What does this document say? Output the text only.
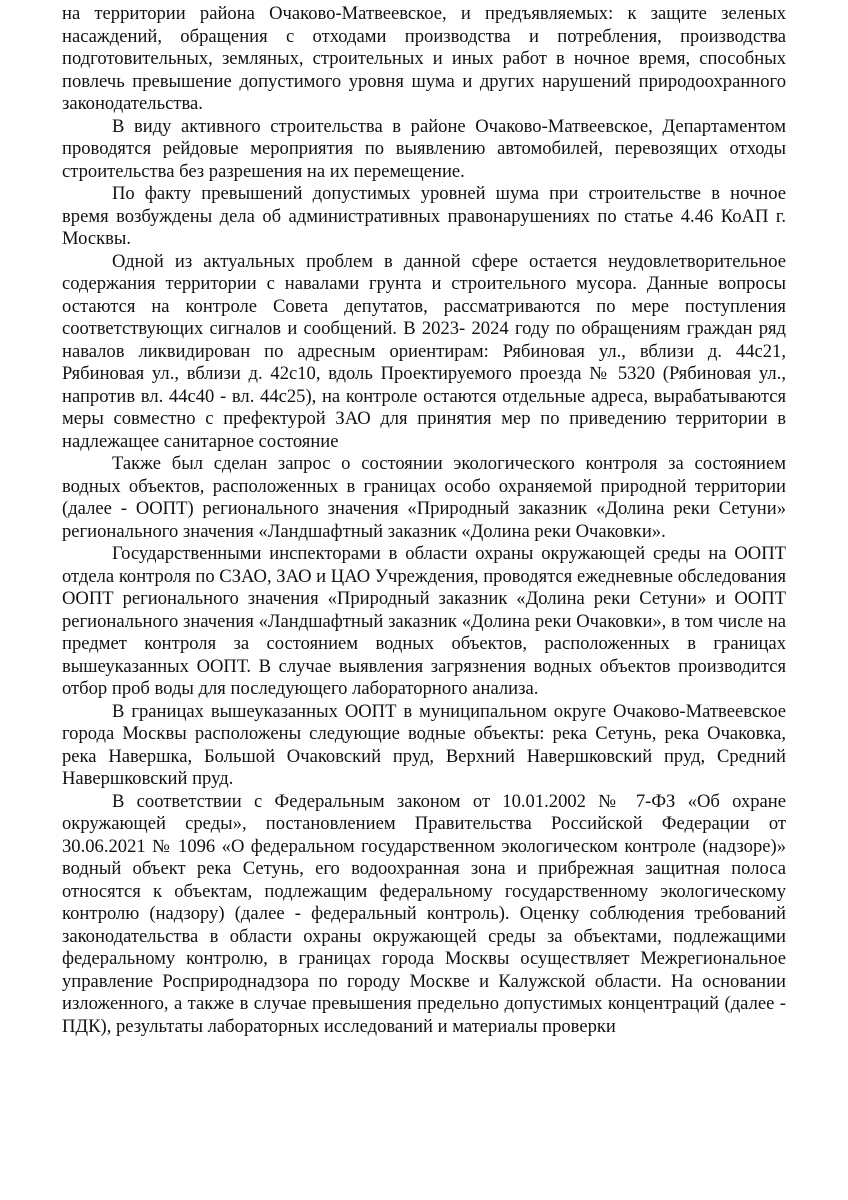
на территории района Очаково-Матвеевское, и предъявляемых: к защите зеленых насаждений, обращения с отходами производства и потребления, производства подготовительных, земляных, строительных и иных работ в ночное время, способных повлечь превышение допустимого уровня шума и других нарушений природоохранного законодательства.

В виду активного строительства в районе Очаково-Матвеевское, Департаментом проводятся рейдовые мероприятия по выявлению автомобилей, перевозящих отходы строительства без разрешения на их перемещение.

По факту превышений допустимых уровней шума при строительстве в ночное время возбуждены дела об административных правонарушениях по статье 4.46 КоАП г. Москвы.

Одной из актуальных проблем в данной сфере остается неудовлетворительное содержания территории с навалами грунта и строительного мусора. Данные вопросы остаются на контроле Совета депутатов, рассматриваются по мере поступления соответствующих сигналов и сообщений. В 2023- 2024 году по обращениям граждан ряд навалов ликвидирован по адресным ориентирам: Рябиновая ул., вблизи д. 44с21, Рябиновая ул., вблизи д. 42с10, вдоль Проектируемого проезда № 5320 (Рябиновая ул., напротив вл. 44с40 - вл. 44с25), на контроле остаются отдельные адреса, вырабатываются меры совместно с префектурой ЗАО для принятия мер по приведению территории в надлежащее санитарное состояние

Также был сделан запрос о состоянии экологического контроля за состоянием водных объектов, расположенных в границах особо охраняемой природной территории (далее - ООПТ) регионального значения «Природный заказник «Долина реки Сетуни» регионального значения «Ландшафтный заказник «Долина реки Очаковки».

Государственными инспекторами в области охраны окружающей среды на ООПТ отдела контроля по СЗАО, ЗАО и ЦАО Учреждения, проводятся ежедневные обследования ООПТ регионального значения «Природный заказник «Долина реки Сетуни» и ООПТ регионального значения «Ландшафтный заказник «Долина реки Очаковки», в том числе на предмет контроля за состоянием водных объектов, расположенных в границах вышеуказанных ООПТ. В случае выявления загрязнения водных объектов производится отбор проб воды для последующего лабораторного анализа.

В границах вышеуказанных ООПТ в муниципальном округе Очаково-Матвеевское города Москвы расположены следующие водные объекты: река Сетунь, река Очаковка, река Навершка, Большой Очаковский пруд, Верхний Навершковский пруд, Средний Навершковский пруд.

В соответствии с Федеральным законом от 10.01.2002 № 7-ФЗ «Об охране окружающей среды», постановлением Правительства Российской Федерации от 30.06.2021 № 1096 «О федеральном государственном экологическом контроле (надзоре)» водный объект река Сетунь, его водоохранная зона и прибрежная защитная полоса относятся к объектам, подлежащим федеральному государственному экологическому контролю (надзору) (далее - федеральный контроль). Оценку соблюдения требований законодательства в области охраны окружающей среды за объектами, подлежащими федеральному контролю, в границах города Москвы осуществляет Межрегиональное управление Росприроднадзора по городу Москве и Калужской области. На основании изложенного, а также в случае превышения предельно допустимых концентраций (далее - ПДК), результаты лабораторных исследований и материалы проверки
